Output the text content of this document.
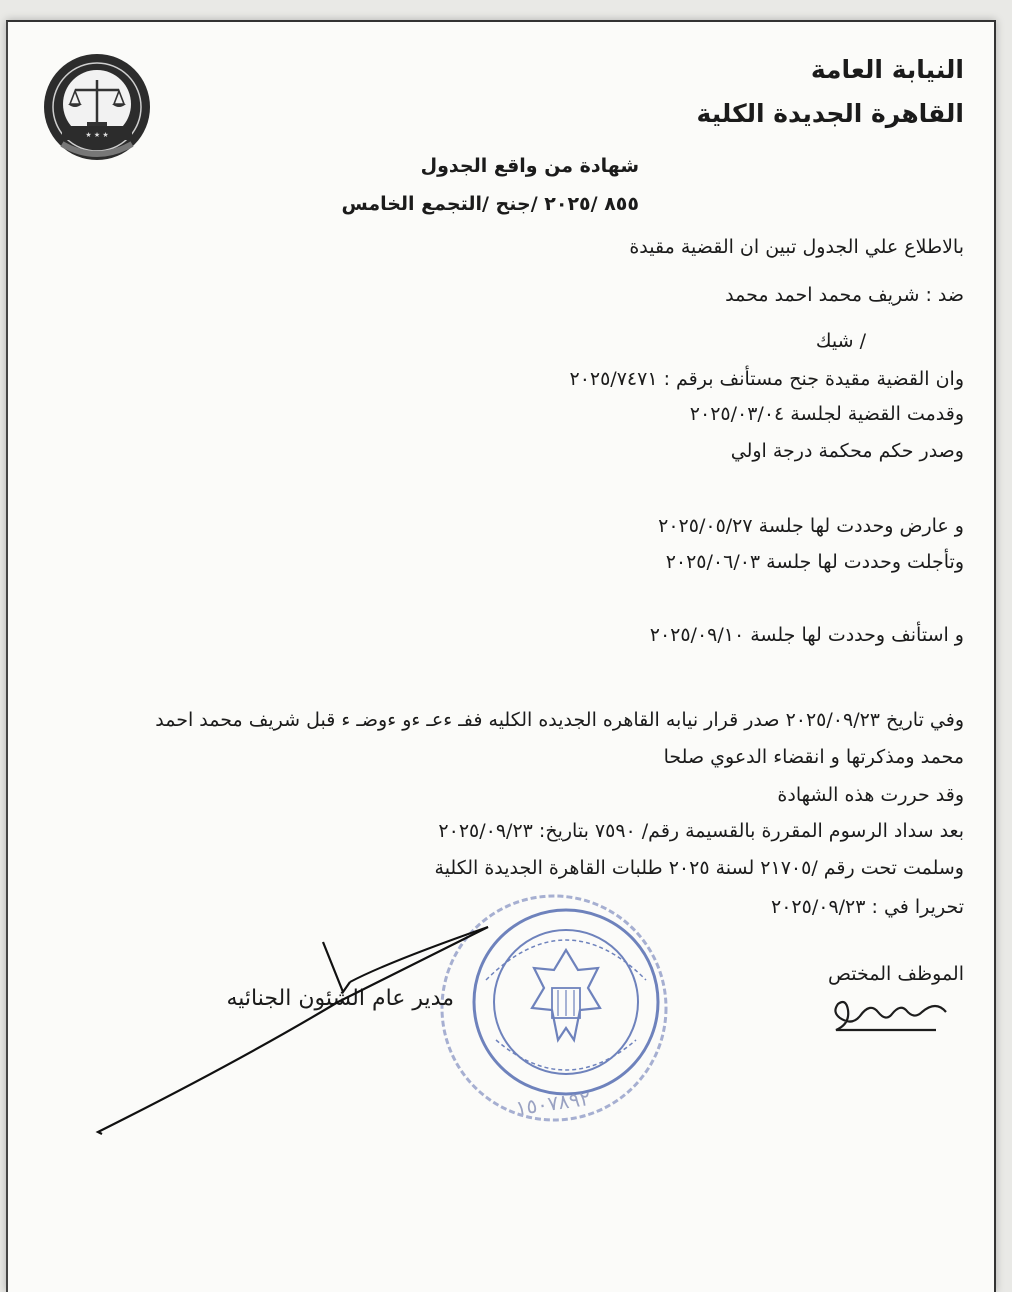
★ ★ ★
النيابة العامة
القاهرة الجديدة الكلية
شهادة من واقع الجدول
٨٥٥ /٢٠٢٥ /جنح /التجمع الخامس
بالاطلاع علي الجدول تبين ان القضية مقيدة
ضد : شريف محمد احمد محمد
/ شيك
وان القضية مقيدة جنح مستأنف برقم : ٢٠٢٥/٧٤٧١
وقدمت القضية لجلسة ٢٠٢٥/٠٣/٠٤
وصدر حكم محكمة درجة اولي
و عارض وحددت لها جلسة ٢٠٢٥/٠٥/٢٧
وتأجلت وحددت لها جلسة ٢٠٢٥/٠٦/٠٣
و استأنف وحددت لها جلسة ٢٠٢٥/٠٩/١٠
وفي تاريخ ٢٠٢٥/٠٩/٢٣ صدر قرار نيابه القاهره الجديده الكليه ففـ ءعـ ءو ءوضـ ء قبل شريف محمد احمد
محمد ومذكرتها و انقضاء الدعوي صلحا
وقد حررت هذه الشهادة
بعد سداد الرسوم المقررة بالقسيمة رقم/ ٧٥٩٠ بتاريخ: ٢٠٢٥/٠٩/٢٣
وسلمت تحت رقم /٢١٧٠٥ لسنة ٢٠٢٥ طلبات القاهرة الجديدة الكلية
تحريرا في : ٢٠٢٥/٠٩/٢٣
١٥٠٧٨٩٢
الموظف المختص
مدير عام الشئون الجنائيه
